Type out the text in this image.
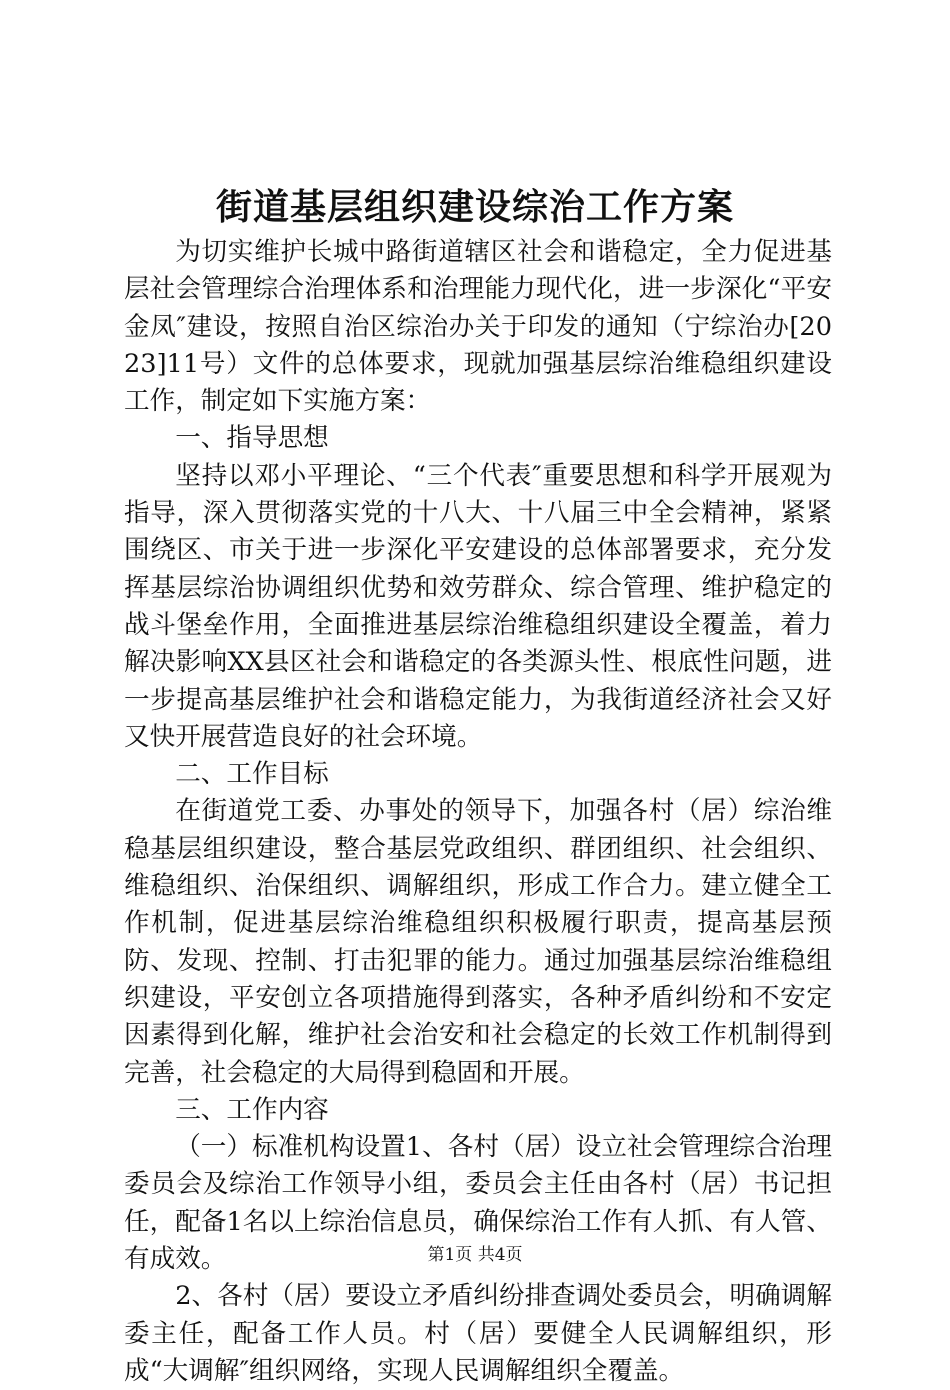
街道基层组织建设综治工作方案

为切实维护长城中路街道辖区社会和谐稳定，全力促进基层社会管理综合治理体系和治理能力现代化，进一步深化“平安金凤″建设，按照自治区综治办关于印发的通知（宁综治办[2023]11号）文件的总体要求，现就加强基层综治维稳组织建设工作，制定如下实施方案：

一、指导思想

坚持以邓小平理论、“三个代表″重要思想和科学开展观为指导，深入贯彻落实党的十八大、十八届三中全会精神，紧紧围绕区、市关于进一步深化平安建设的总体部署要求，充分发挥基层综治协调组织优势和效劳群众、综合管理、维护稳定的战斗堡垒作用，全面推进基层综治维稳组织建设全覆盖，着力解决影响XX县区社会和谐稳定的各类源头性、根底性问题，进一步提高基层维护社会和谐稳定能力，为我街道经济社会又好又快开展营造良好的社会环境。

二、工作目标

在街道党工委、办事处的领导下，加强各村（居）综治维稳基层组织建设，整合基层党政组织、群团组织、社会组织、维稳组织、治保组织、调解组织，形成工作合力。建立健全工作机制，促进基层综治维稳组织积极履行职责，提高基层预防、发现、控制、打击犯罪的能力。通过加强基层综治维稳组织建设，平安创立各项措施得到落实，各种矛盾纠纷和不安定因素得到化解，维护社会治安和社会稳定的长效工作机制得到完善，社会稳定的大局得到稳固和开展。

三、工作内容

（一）标准机构设置1、各村（居）设立社会管理综合治理委员会及综治工作领导小组，委员会主任由各村（居）书记担任，配备1名以上综治信息员，确保综治工作有人抓、有人管、有成效。

2、各村（居）要设立矛盾纠纷排查调处委员会，明确调解委主任，配备工作人员。村（居）要健全人民调解组织，形成“大调解″组织网络，实现人民调解组织全覆盖。

第1页 共4页
